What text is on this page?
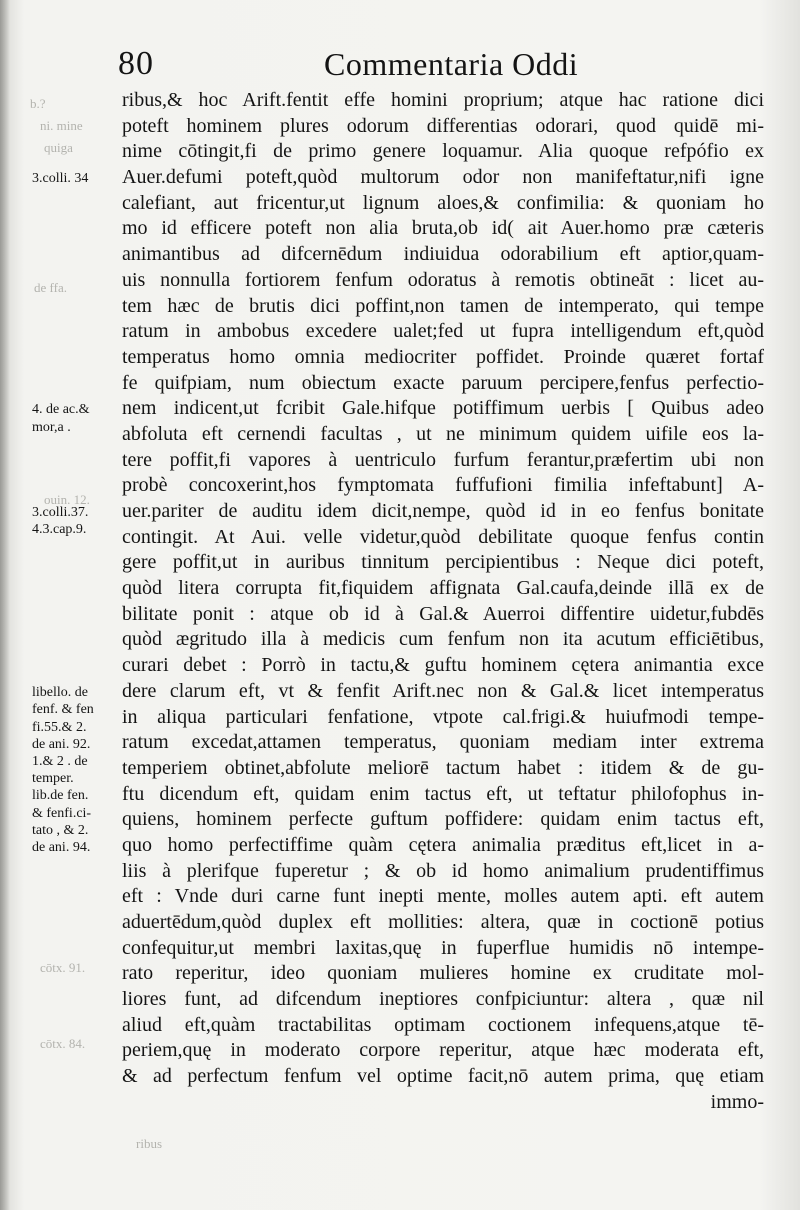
80	Commentaria Oddi
b.?
ni. mine
quiga
de ffa.
ouin. 12.
cōtx. 91.
cōtx. 84.
ribus
ribus,& hoc Arift.fentit effe homini proprium; atque hac ratione dici
poteft hominem plures odorum differentias odorari, quod quidē mi-
nime cōtingit,fi de primo genere loquamur. Alia quoque refpófio ex
Auer.defumi poteft,quòd multorum odor non manifeftatur,nifi igne
calefiant, aut fricentur,ut lignum aloes,& confimilia: & quoniam ho
mo id efficere poteft non alia bruta,ob id( ait Auer.homo præ cæteris
animantibus ad difcernēdum indiuidua odorabilium eft aptior,quam-
uis nonnulla fortiorem fenfum odoratus à remotis obtineāt : licet au-
tem hæc de brutis dici poffint,non tamen de intemperato, qui tempe
ratum in ambobus excedere ualet;fed ut fupra intelligendum eft,quòd
temperatus homo omnia mediocriter poffidet. Proinde quæret fortaf
fe quifpiam, num obiectum exacte paruum percipere,fenfus perfectio-
nem indicent,ut fcribit Gale.hifque potiffimum uerbis [ Quibus adeo
abfoluta eft cernendi facultas , ut ne minimum quidem uifile eos la-
tere poffit,fi vapores à uentriculo furfum ferantur,præfertim ubi non
probè concoxerint,hos fymptomata fuffufioni fimilia infeftabunt] A-
uer.pariter de auditu idem dicit,nempe, quòd id in eo fenfus bonitate
contingit. At Aui. velle videtur,quòd debilitate quoque fenfus contin
gere poffit,ut in auribus tinnitum percipientibus : Neque dici poteft,
quòd litera corrupta fit,fiquidem affignata Gal.caufa,deinde illā ex de
bilitate ponit : atque ob id à Gal.& Auerroi diffentire uidetur,fubdēs
quòd ægritudo illa à medicis cum fenfum non ita acutum efficiētibus,
curari debet : Porrò in tactu,& guftu hominem cętera animantia exce
dere clarum eft, vt & fenfit Arift.nec non & Gal.& licet intemperatus
in aliqua particulari fenfatione, vtpote cal.frigi.& huiufmodi tempe-
ratum excedat,attamen temperatus, quoniam mediam inter extrema
temperiem obtinet,abfolute meliorē tactum habet : itidem & de gu-
ftu dicendum eft, quidam enim tactus eft, ut teftatur philofophus in-
quiens, hominem perfecte guftum poffidere: quidam enim tactus eft,
quo homo perfectiffime quàm cętera animalia præditus eft,licet in a-
liis à plerifque fuperetur ; & ob id homo animalium prudentiffimus
eft : Vnde duri carne funt inepti mente, molles autem apti. eft autem
aduertēdum,quòd duplex eft mollities: altera, quæ in coctionē potius
confequitur,ut membri laxitas,quę in fuperflue humidis nō intempe-
rato reperitur, ideo quoniam mulieres homine ex cruditate mol-
liores funt, ad difcendum ineptiores confpiciuntur: altera , quæ nil
aliud eft,quàm tractabilitas optimam coctionem infequens,atque tē-
periem,quę in moderato corpore reperitur, atque hæc moderata eft,
& ad perfectum fenfum vel optime facit,nō autem prima, quę etiam
immo-
3.colli. 34
4. de ac.&
mor,a .
3.colli.37.
4.3.cap.9.
libello. de
fenf. & fen
fi.55.& 2.
de ani. 92.
1.& 2 . de
temper.
lib.de fen.
& fenfi.ci-
tato , & 2.
de ani. 94.
